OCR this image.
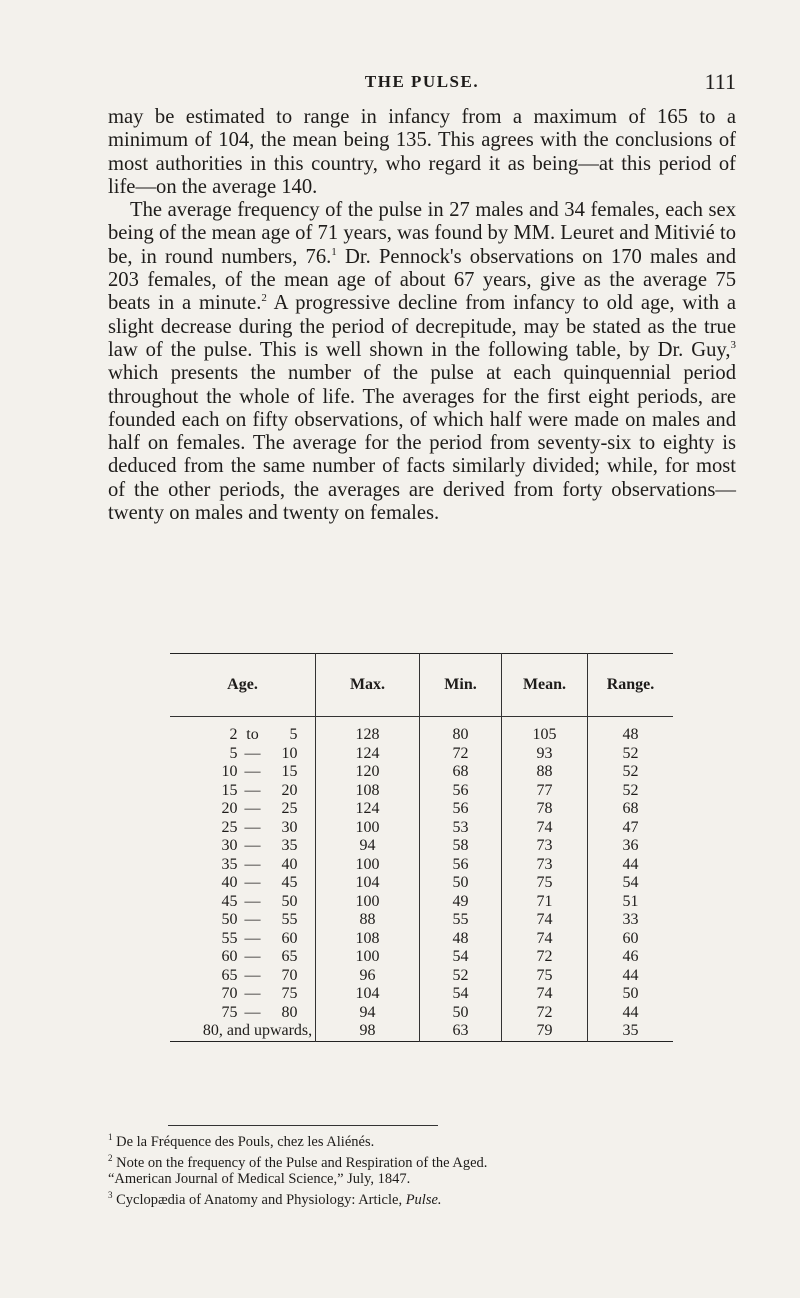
THE PULSE.	111

may be estimated to range in infancy from a maximum of 165 to a minimum of 104, the mean being 135. This agrees with the conclusions of most authorities in this country, who regard it as being—at this period of life—on the average 140.

The average frequency of the pulse in 27 males and 34 females, each sex being of the mean age of 71 years, was found by MM. Leuret and Mitivié to be, in round numbers, 76.$^1$ Dr. Pennock's observations on 170 males and 203 females, of the mean age of about 67 years, give as the average 75 beats in a minute.$^2$ A progressive decline from infancy to old age, with a slight decrease during the period of decrepitude, may be stated as the true law of the pulse. This is well shown in the following table, by Dr. Guy,$^3$ which presents the number of the pulse at each quinquennial period throughout the whole of life. The averages for the first eight periods, are founded each on fifty observations, of which half were made on males and half on females. The average for the period from seventy-six to eighty is deduced from the same number of facts similarly divided; while, for most of the other periods, the averages are derived from forty observations—twenty on males and twenty on females.

Age.	Max.	Min.	Mean.	Range.
2 to 5	128	80	105	48
5 — 10	124	72	93	52
10 — 15	120	68	88	52
15 — 20	108	56	77	52
20 — 25	124	56	78	68
25 — 30	100	53	74	47
30 — 35	94	58	73	36
35 — 40	100	56	73	44
40 — 45	104	50	75	54
45 — 50	100	49	71	51
50 — 55	88	55	74	33
55 — 60	108	48	74	60
60 — 65	100	54	72	46
65 — 70	96	52	75	44
70 — 75	104	54	74	50
75 — 80	94	50	72	44
80, and upwards,	98	63	79	35

$^1$ De la Fréquence des Pouls, chez les Aliénés.

$^2$ Note on the frequency of the Pulse and Respiration of the Aged.

“American Journal of Medical Science,” July, 1847.

$^3$ Cyclopædia of Anatomy and Physiology: Article, Pulse.
